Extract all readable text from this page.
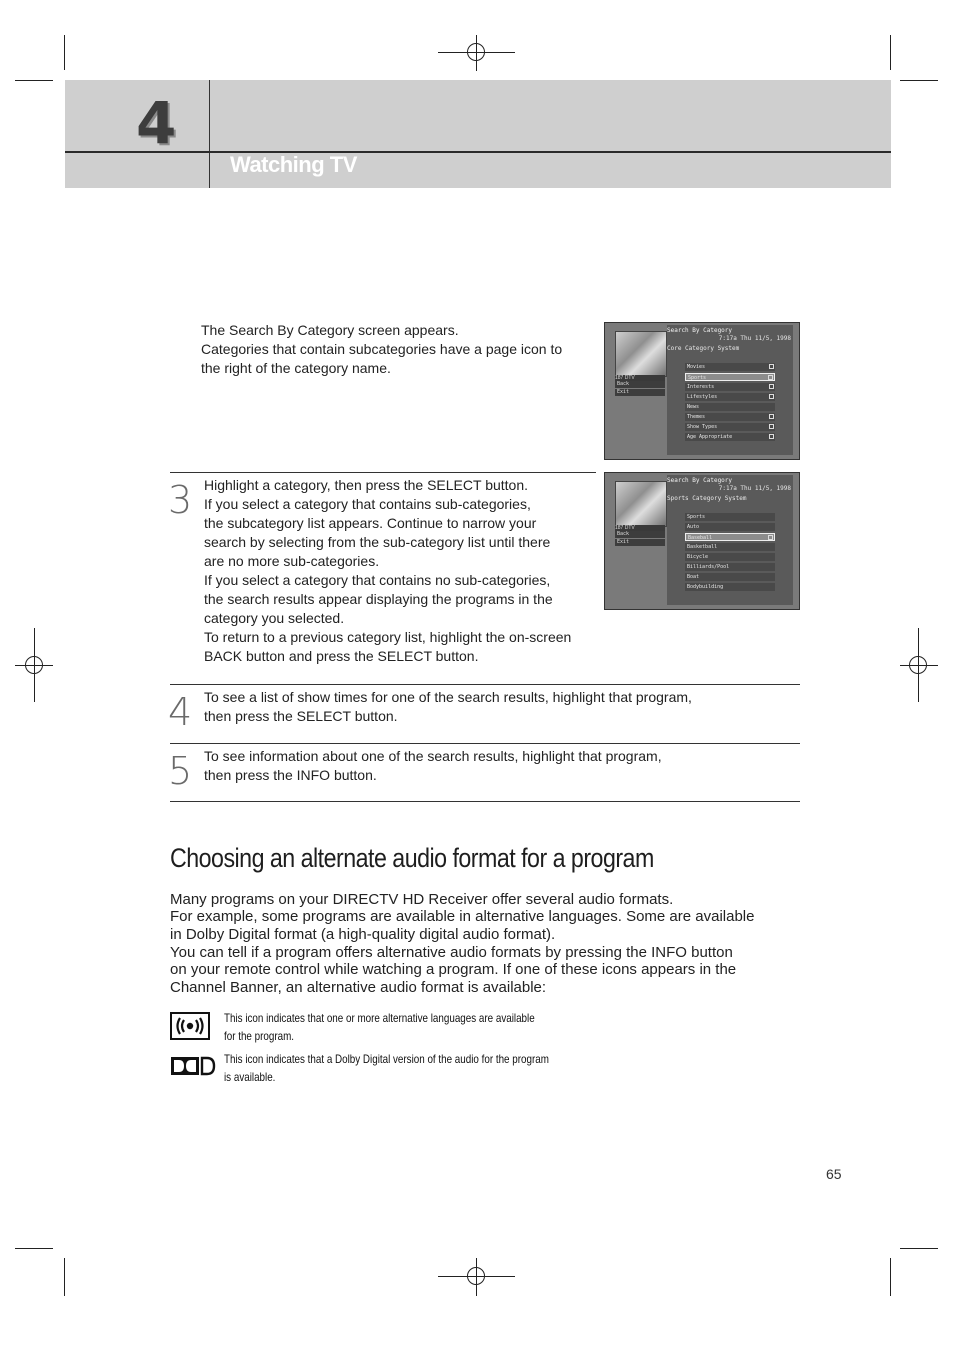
4
Watching TV
The Search By Category screen appears.
Categories that contain subcategories have a page icon to
the right of the category name.
Search By Category
7:17a Thu 11/5, 1998
Core Category System
187 DTV
Back
Exit
Movies
Sports
Interests
Lifestyles
News
Themes
Show Types
Age Appropriate
3 Highlight a category, then press the SELECT button.
If you select a category that contains sub-categories,
the subcategory list appears. Continue to narrow your
search by selecting from the sub-category list until there
are no more sub-categories.
If you select a category that contains no sub-categories,
the search results appear displaying the programs in the
category you selected.
To return to a previous category list, highlight the on-screen
BACK button and press the SELECT button.
Search By Category
7:17a Thu 11/5, 1998
Sports Category System
187 DTV
Back
Exit
Sports
Auto
Baseball
Basketball
Bicycle
Billiards/Pool
Boat
Bodybuilding
4 To see a list of show times for one of the search results, highlight that program,
then press the SELECT button.
5 To see information about one of the search results, highlight that program,
then press the INFO button.
Choosing an alternate audio format for a program
Many programs on your DIRECTV HD Receiver offer several audio formats.
For example, some programs are available in alternative languages. Some are available
in Dolby Digital format (a high-quality digital audio format).
You can tell if a program offers alternative audio formats by pressing the INFO button
on your remote control while watching a program. If one of these icons appears in the
Channel Banner, an alternative audio format is available:
This icon indicates that one or more alternative languages are available
for the program.
This icon indicates that a Dolby Digital version of the audio for the program
is available.
65
